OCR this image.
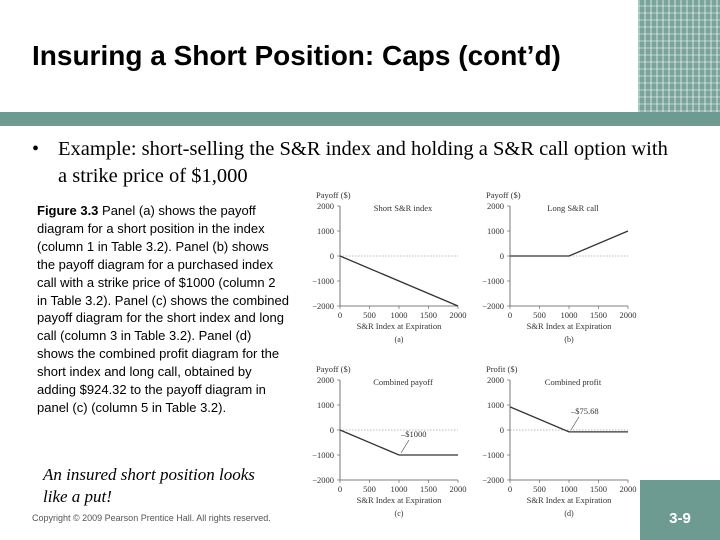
Insuring a Short Position: Caps (cont’d)
• Example: short-selling the S&R index and holding a S&R call option with a strike price of $1,000

Figure 3.3 Panel (a) shows the payoff diagram for a short position in the index (column 1 in Table 3.2). Panel (b) shows the payoff diagram for a purchased index call with a strike price of $1000 (column 2 in Table 3.2). Panel (c) shows the combined payoff diagram for the short index and long call (column 3 in Table 3.2). Panel (d) shows the combined profit diagram for the short index and long call, obtained by adding $924.32 to the payoff diagram in panel (c) (column 5 in Table 3.2).

An insured short position looks like a put!

Copyright © 2009 Pearson Prentice Hall. All rights reserved.	3-9
2000
1000
0
−1000
−2000
0 500 1000 1500 2000
Payoff ($)
S&R Index at Expiration
Short S&R index
(a)
2000
1000
0
−1000
−2000
0 500 1000 1500 2000
Payoff ($)
S&R Index at Expiration
Long S&R call
(b)
2000
1000
0
−1000
−2000
0 500 1000 1500 2000
Payoff ($)
S&R Index at Expiration
Combined payoff
(c)
–$1000
2000
1000
0
−1000
−2000
0 500 1000 1500 2000
Profit ($)
S&R Index at Expiration
Combined profit
(d)
–$75.68
